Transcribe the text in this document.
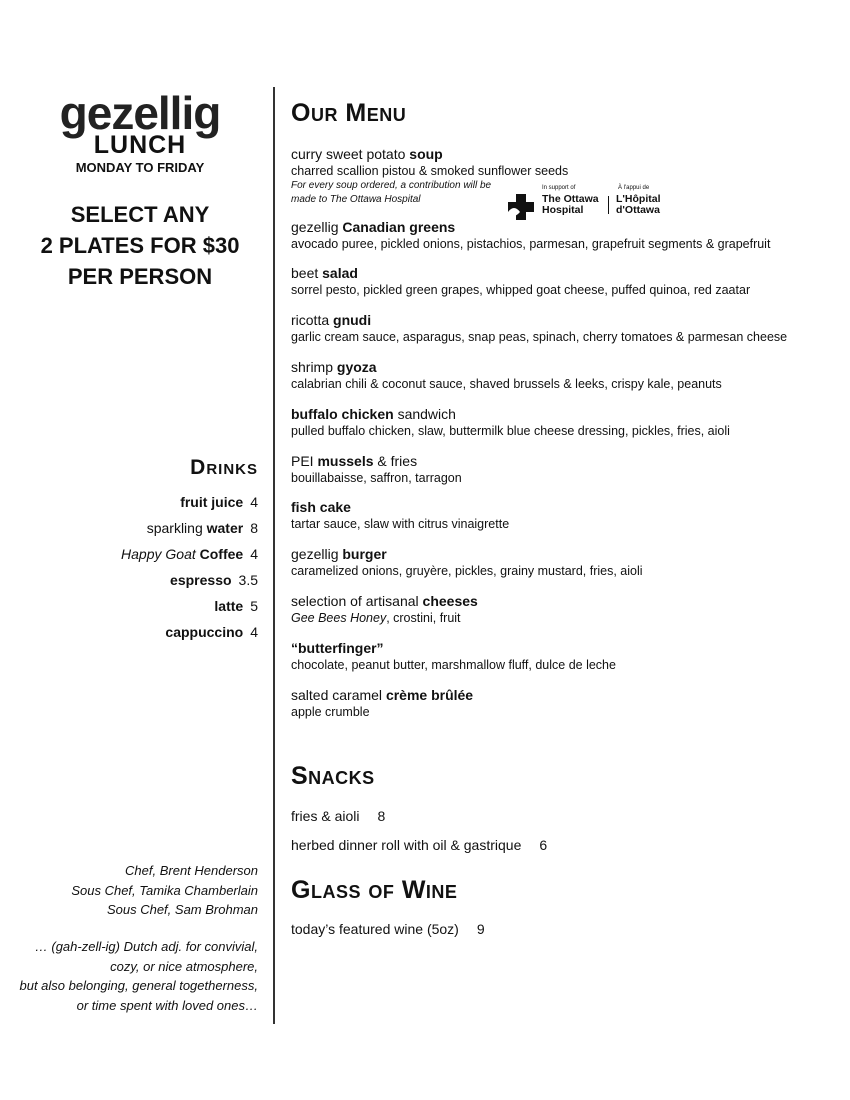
gezellig
LUNCH
MONDAY TO FRIDAY
SELECT ANY
2 PLATES FOR $30
PER PERSON
Drinks
fruit juice 4
sparkling water 8
Happy Goat Coffee 4
espresso 3.5
latte 5
cappuccino 4
Chef, Brent Henderson
Sous Chef, Tamika Chamberlain
Sous Chef, Sam Brohman
… (gah-zell-ig) Dutch adj. for convivial,
cozy, or nice atmosphere,
but also belonging, general togetherness,
or time spent with loved ones…
Our Menu
curry sweet potato soup
charred scallion pistou & smoked sunflower seeds
For every soup ordered, a contribution will be
made to The Ottawa Hospital
In support of	À l'appui de
The Ottawa
Hospital
L'Hôpital
d'Ottawa
gezellig Canadian greens
avocado puree, pickled onions, pistachios, parmesan, grapefruit segments & grapefruit
beet salad
sorrel pesto, pickled green grapes, whipped goat cheese, puffed quinoa, red zaatar
ricotta gnudi
garlic cream sauce, asparagus, snap peas, spinach, cherry tomatoes & parmesan cheese
shrimp gyoza
calabrian chili & coconut sauce, shaved brussels & leeks, crispy kale, peanuts
buffalo chicken sandwich
pulled buffalo chicken, slaw, buttermilk blue cheese dressing, pickles, fries, aioli
PEI mussels & fries
bouillabaisse, saffron, tarragon
fish cake
tartar sauce, slaw with citrus vinaigrette
gezellig burger
caramelized onions, gruyère, pickles, grainy mustard, fries, aioli
selection of artisanal cheeses
Gee Bees Honey, crostini, fruit
“butterfinger”
chocolate, peanut butter, marshmallow fluff, dulce de leche
salted caramel crème brûlée
apple crumble
Snacks
fries & aioli 8
herbed dinner roll with oil & gastrique 6
Glass of Wine
today’s featured wine (5oz) 9
